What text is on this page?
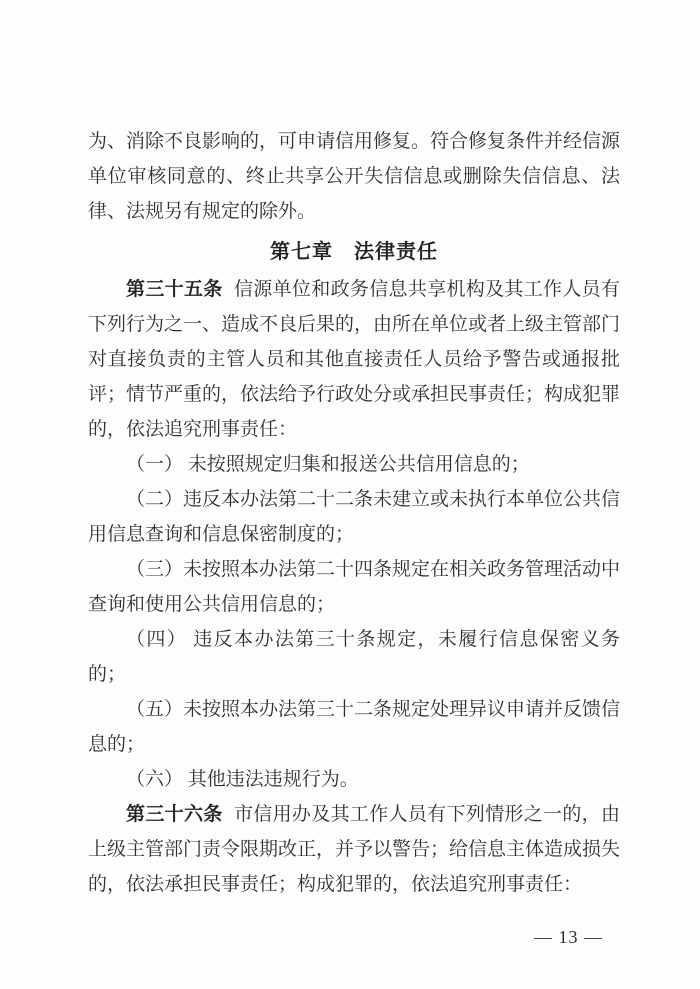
为、消除不良影响的，可申请信用修复。符合修复条件并经信源单位审核同意的、终止共享公开失信信息或删除失信信息、法律、法规另有规定的除外。

第七章　法律责任

第三十五条 信源单位和政务信息共享机构及其工作人员有下列行为之一、造成不良后果的，由所在单位或者上级主管部门对直接负责的主管人员和其他直接责任人员给予警告或通报批评；情节严重的，依法给予行政处分或承担民事责任；构成犯罪的，依法追究刑事责任：

（一） 未按照规定归集和报送公共信用信息的；

（二）违反本办法第二十二条未建立或未执行本单位公共信用信息查询和信息保密制度的；

（三）未按照本办法第二十四条规定在相关政务管理活动中查询和使用公共信用信息的；

（四） 违反本办法第三十条规定，未履行信息保密义务的；

（五）未按照本办法第三十二条规定处理异议申请并反馈信息的；

（六） 其他违法违规行为。

第三十六条 市信用办及其工作人员有下列情形之一的，由上级主管部门责令限期改正，并予以警告；给信息主体造成损失的，依法承担民事责任；构成犯罪的，依法追究刑事责任：

— 13 —
